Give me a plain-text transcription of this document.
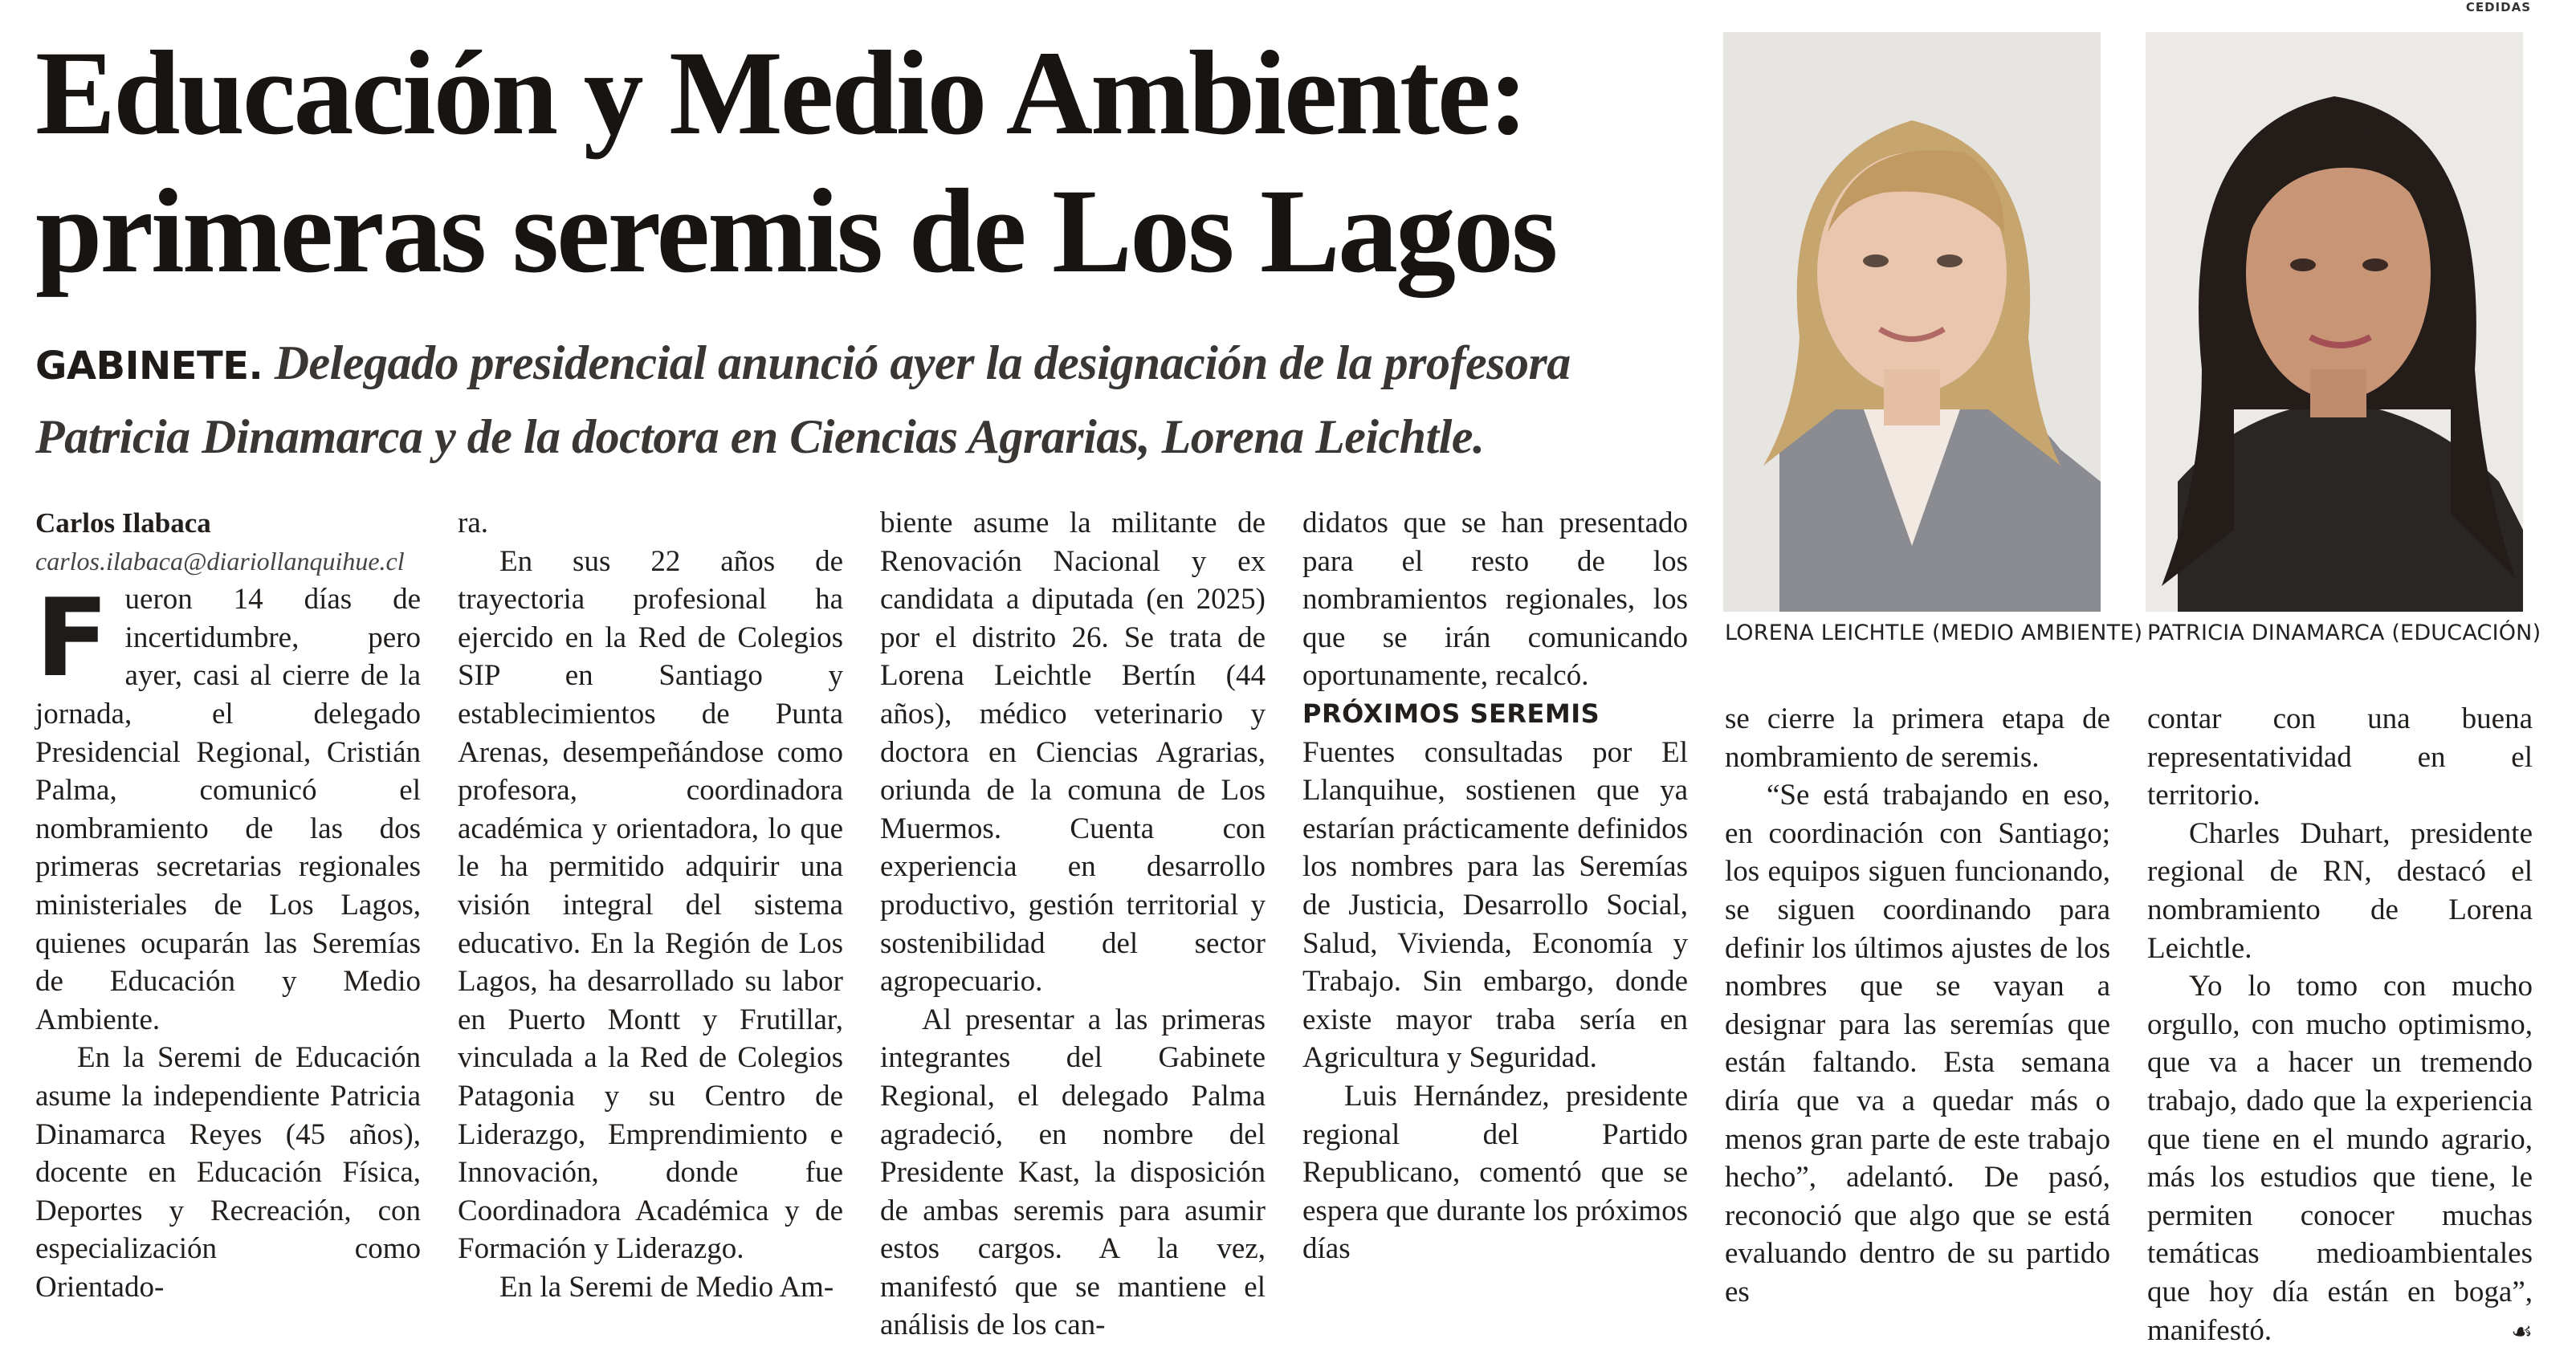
CEDIDAS
Educación y Medio Ambiente:
primeras seremis de Los Lagos
GABINETE. Delegado presidencial anunció ayer la designación de la profesora Patricia Dinamarca y de la doctora en Ciencias Agrarias, Lorena Leichtle.

Carlos Ilabaca

carlos.ilabaca@diariollanquihue.cl

Fueron 14 días de incertidumbre, pero ayer, casi al cierre de la jornada, el delegado Presidencial Regional, Cristián Palma, comunicó el nombramiento de las dos primeras secretarias regionales ministeriales de Los Lagos, quienes ocuparán las Seremías de Educación y Medio Ambiente.

En la Seremi de Educación asume la independiente Patricia Dinamarca Reyes (45 años), docente en Educación Física, Deportes y Recreación, con especialización como Orientado-

ra.

En sus 22 años de trayectoria profesional ha ejercido en la Red de Colegios SIP en Santiago y establecimientos de Punta Arenas, desempeñándose como profesora, coordinadora académica y orientadora, lo que le ha permitido adquirir una visión integral del sistema educativo. En la Región de Los Lagos, ha desarrollado su labor en Puerto Montt y Frutillar, vinculada a la Red de Colegios Patagonia y su Centro de Liderazgo, Emprendimiento e Innovación, donde fue Coordinadora Académica y de Formación y Liderazgo.

En la Seremi de Medio Am-

biente asume la militante de Renovación Nacional y ex candidata a diputada (en 2025) por el distrito 26. Se trata de Lorena Leichtle Bertín (44 años), médico veterinario y doctora en Ciencias Agrarias, oriunda de la comuna de Los Muermos. Cuenta con experiencia en desarrollo productivo, gestión territorial y sostenibilidad del sector agropecuario.

Al presentar a las primeras integrantes del Gabinete Regional, el delegado Palma agradeció, en nombre del Presidente Kast, la disposición de ambas seremis para asumir estos cargos. A la vez, manifestó que se mantiene el análisis de los can-

didatos que se han presentado para el resto de los nombramientos regionales, los que se irán comunicando oportunamente, recalcó.

PRÓXIMOS SEREMIS

Fuentes consultadas por El Llanquihue, sostienen que ya estarían prácticamente definidos los nombres para las Seremías de Justicia, Desarrollo Social, Salud, Vivienda, Economía y Trabajo. Sin embargo, donde existe mayor traba sería en Agricultura y Seguridad.

Luis Hernández, presidente regional del Partido Republicano, comentó que se espera que durante los próximos días

LORENA LEICHTLE (MEDIO AMBIENTE) PATRICIA DINAMARCA (EDUCACIÓN)

se cierre la primera etapa de nombramiento de seremis.

“Se está trabajando en eso, en coordinación con Santiago; los equipos siguen funcionando, se siguen coordinando para definir los últimos ajustes de los nombres que se vayan a designar para las seremías que están faltando. Esta semana diría que va a quedar más o menos gran parte de este trabajo hecho”, adelantó. De pasó, reconoció que algo que se está evaluando dentro de su partido es

contar con una buena representatividad en el territorio.

Charles Duhart, presidente regional de RN, destacó el nombramiento de Lorena Leichtle.

Yo lo tomo con mucho orgullo, con mucho optimismo, que va a hacer un tremendo trabajo, dado que la experiencia que tiene en el mundo agrario, más los estudios que tiene, le permiten conocer muchas temáticas medioambientales que hoy día están en boga”, manifestó.	☙
